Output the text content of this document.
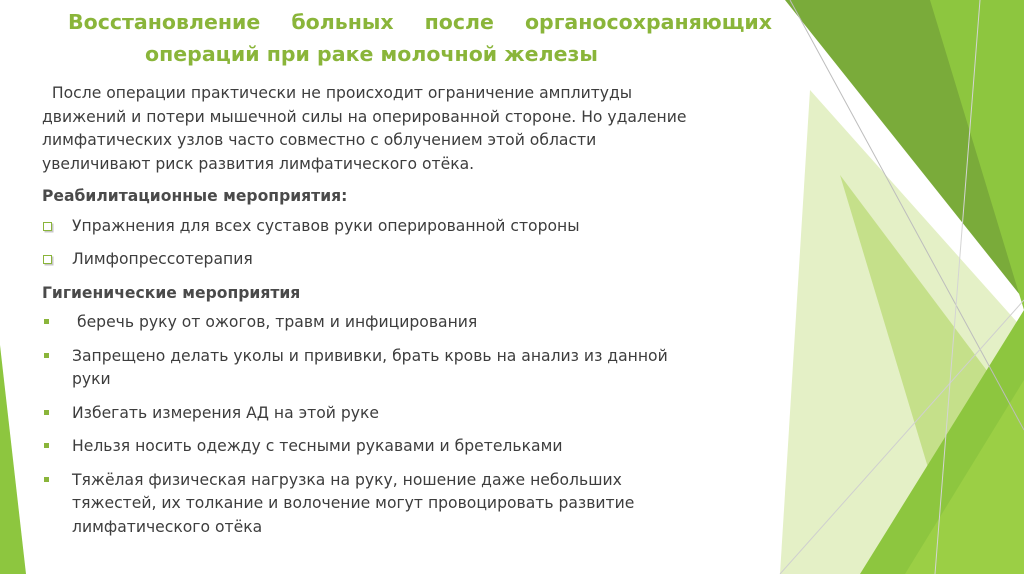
Восстановление больных после органосохраняющих
операций при раке молочной железы

После операции практически не происходит ограничение амплитуды

движений и потери мышечной силы на оперированной стороне. Но удаление

лимфатических узлов часто совместно с облучением этой области

увеличивают риск развития лимфатического отёка.

Реабилитационные мероприятия:

Упражнения для всех суставов руки оперированной стороны
Лимфопрессотерапия

Гигиенические мероприятия

беречь руку от ожогов, травм и инфицирования
Запрещено делать уколы и прививки, брать кровь на анализ из данной
руки
Избегать измерения АД на этой руке
Нельзя носить одежду с тесными рукавами и бретельками
Тяжёлая физическая нагрузка на руку, ношение даже небольших
тяжестей, их толкание и волочение могут провоцировать развитие
лимфатического отёка
